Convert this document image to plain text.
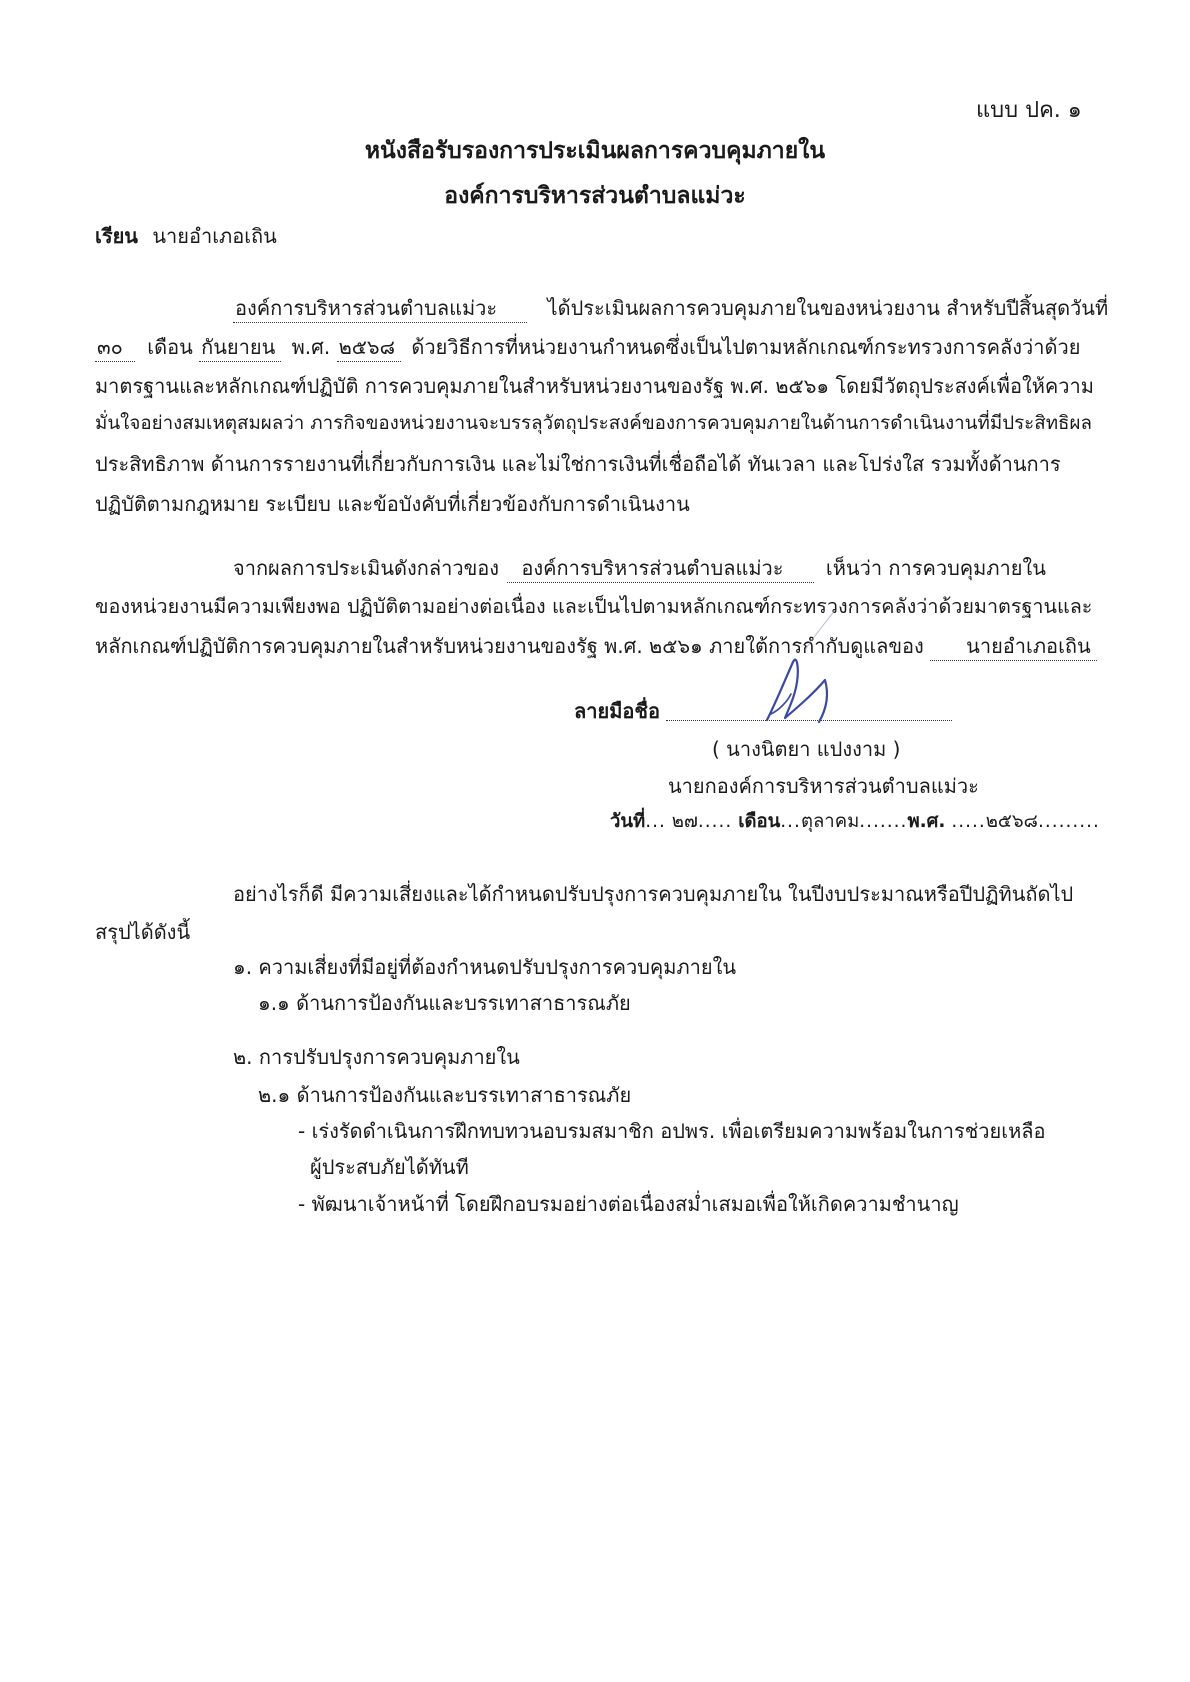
แบบ ปค. ๑
หนังสือรับรองการประเมินผลการควบคุมภายใน
องค์การบริหารส่วนตำบลแม่วะ
เรียน นายอำเภอเถิน
องค์การบริหารส่วนตำบลแม่วะ	ได้ประเมินผลการควบคุมภายในของหน่วยงาน สำหรับปีสิ้นสุดวันที่
๓๐ เดือน กันยายน พ.ศ. ๒๕๖๘ ด้วยวิธีการที่หน่วยงานกำหนดซึ่งเป็นไปตามหลักเกณฑ์กระทรวงการคลังว่าด้วย
มาตรฐานและหลักเกณฑ์ปฏิบัติ การควบคุมภายในสำหรับหน่วยงานของรัฐ พ.ศ. ๒๕๖๑ โดยมีวัตถุประสงค์เพื่อให้ความ
มั่นใจอย่างสมเหตุสมผลว่า ภารกิจของหน่วยงานจะบรรลุวัตถุประสงค์ของการควบคุมภายในด้านการดำเนินงานที่มีประสิทธิผล
ประสิทธิภาพ ด้านการรายงานที่เกี่ยวกับการเงิน และไม่ใช่การเงินที่เชื่อถือได้ ทันเวลา และโปร่งใส รวมทั้งด้านการ
ปฏิบัติตามกฎหมาย ระเบียบ และข้อบังคับที่เกี่ยวข้องกับการดำเนินงาน
จากผลการประเมินดังกล่าวของ องค์การบริหารส่วนตำบลแม่วะ เห็นว่า การควบคุมภายใน
ของหน่วยงานมีความเพียงพอ ปฏิบัติตามอย่างต่อเนื่อง และเป็นไปตามหลักเกณฑ์กระทรวงการคลังว่าด้วยมาตรฐานและ
หลักเกณฑ์ปฏิบัติการควบคุมภายในสำหรับหน่วยงานของรัฐ พ.ศ. ๒๕๖๑ ภายใต้การกำกับดูแลของ นายอำเภอเถิน
ลายมือชื่อ
( นางนิตยา แปงงาม )
นายกองค์การบริหารส่วนตำบลแม่วะ
วันที่... ๒๗..... เดือน...ตุลาคม.......พ.ศ. .....๒๕๖๘.........
อย่างไรก็ดี มีความเสี่ยงและได้กำหนดปรับปรุงการควบคุมภายใน ในปีงบประมาณหรือปีปฏิทินถัดไป
สรุปได้ดังนี้
๑. ความเสี่ยงที่มีอยู่ที่ต้องกำหนดปรับปรุงการควบคุมภายใน
๑.๑ ด้านการป้องกันและบรรเทาสาธารณภัย
๒. การปรับปรุงการควบคุมภายใน
๒.๑ ด้านการป้องกันและบรรเทาสาธารณภัย
- เร่งรัดดำเนินการฝึกทบทวนอบรมสมาชิก อปพร. เพื่อเตรียมความพร้อมในการช่วยเหลือ
ผู้ประสบภัยได้ทันที
- พัฒนาเจ้าหน้าที่ โดยฝึกอบรมอย่างต่อเนื่องสม่ำเสมอเพื่อให้เกิดความชำนาญ
